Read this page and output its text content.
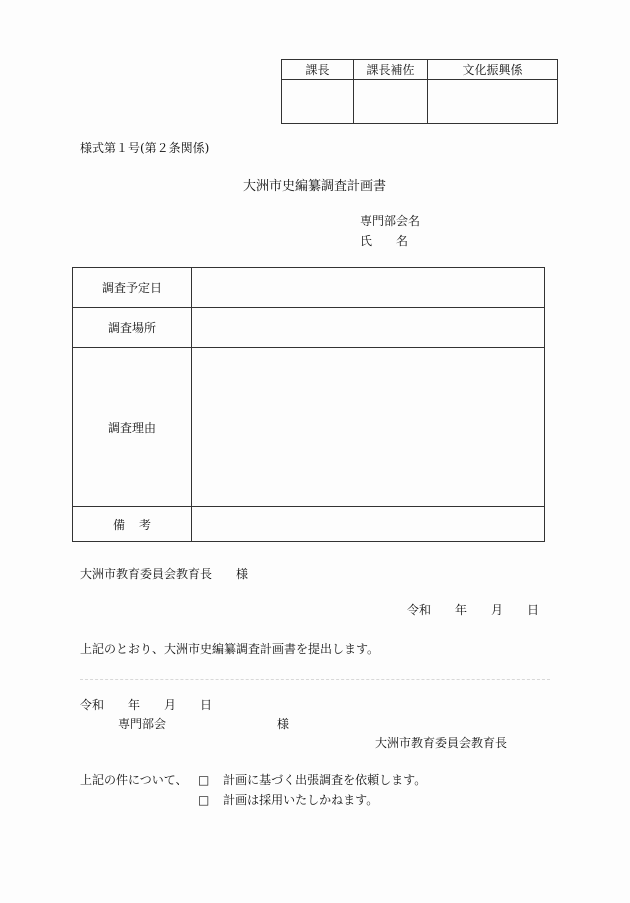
課長	課長補佐	文化振興係

様式第１号(第２条関係)
大洲市史編纂調査計画書
専門部会名
氏　　名
調査予定日	
調査場所	
調査理由	
備考	
大洲市教育委員会教育長　　様
令和　　年　　月　　日
上記のとおり、大洲市史編纂調査計画書を提出します。
令和　　年　　月　　日
専門部会	様
大洲市教育委員会教育長
上記の件について、 □ 計画に基づく出張調査を依頼します。
□ 計画は採用いたしかねます。
